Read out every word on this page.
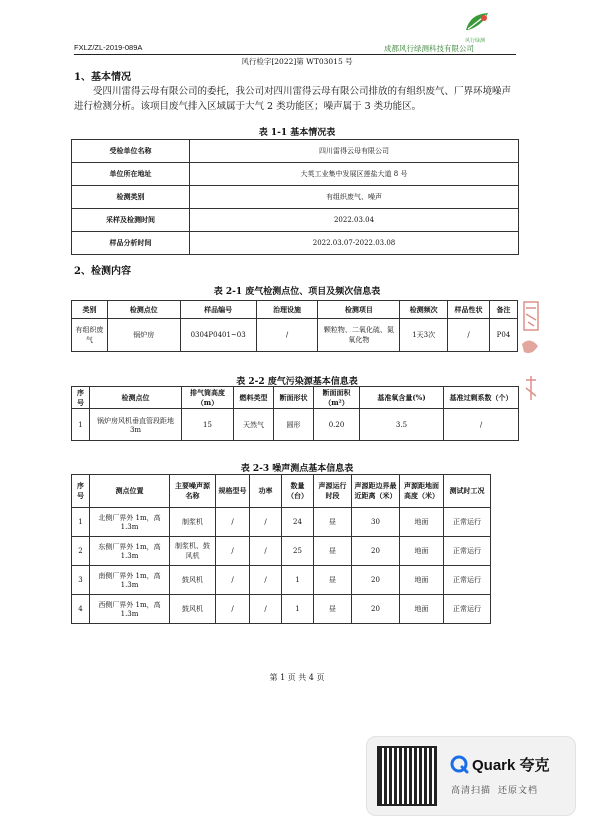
风行绿测
成都风行绿测科技有限公司
FXLZ/ZL-2019-089A
风行检字[2022]第 WT03015 号
1、基本情况
受四川雷得云母有限公司的委托，我公司对四川雷得云母有限公司排放的有组织废气、厂界环境噪声进行检测分析。该项目废气排入区域属于大气 2 类功能区；噪声属于 3 类功能区。
表 1-1 基本情况表
受检单位名称	四川雷得云母有限公司
单位所在地址	大英工业集中发展区莲盐大道 8 号
检测类别	有组织废气、噪声
采样及检测时间	2022.03.04
样品分析时间	2022.03.07-2022.03.08
2、检测内容
表 2-1 废气检测点位、项目及频次信息表
类别	检测点位	样品编号	治理设施	检测项目	检测频次	样品性状	备注
有组织废气	锅炉房	0304P0401~03	/	颗粒物、二氧化硫、氮氧化物	1天3次	/	P04
表 2-2 废气污染源基本信息表
序号	检测点位	排气筒高度（m）	燃料类型	断面形状	断面面积（m²）	基准氧含量(%)	基准过剩系数（个）
1	锅炉房风机垂直管段距地 3m	15	天然气	圆形	0.20	3.5	/
表 2-3 噪声测点基本信息表
序号	测点位置	主要噪声源名称	规格型号	功率	数量（台）	声源运行时段	声源距边界最近距离（米）	声源距地面高度（米）	测试时工况
1	北侧厂界外 1m，高 1.3m	制浆机	/	/	24	昼	30	地面	正常运行
2	东侧厂界外 1m，高 1.3m	制浆机、鼓风机	/	/	25	昼	20	地面	正常运行
3	南侧厂界外 1m，高 1.3m	鼓风机	/	/	1	昼	20	地面	正常运行
4	西侧厂界外 1m，高 1.3m	鼓风机	/	/	1	昼	20	地面	正常运行
第 1 页 共 4 页
Quark 夸克
高清扫描  还原文档
